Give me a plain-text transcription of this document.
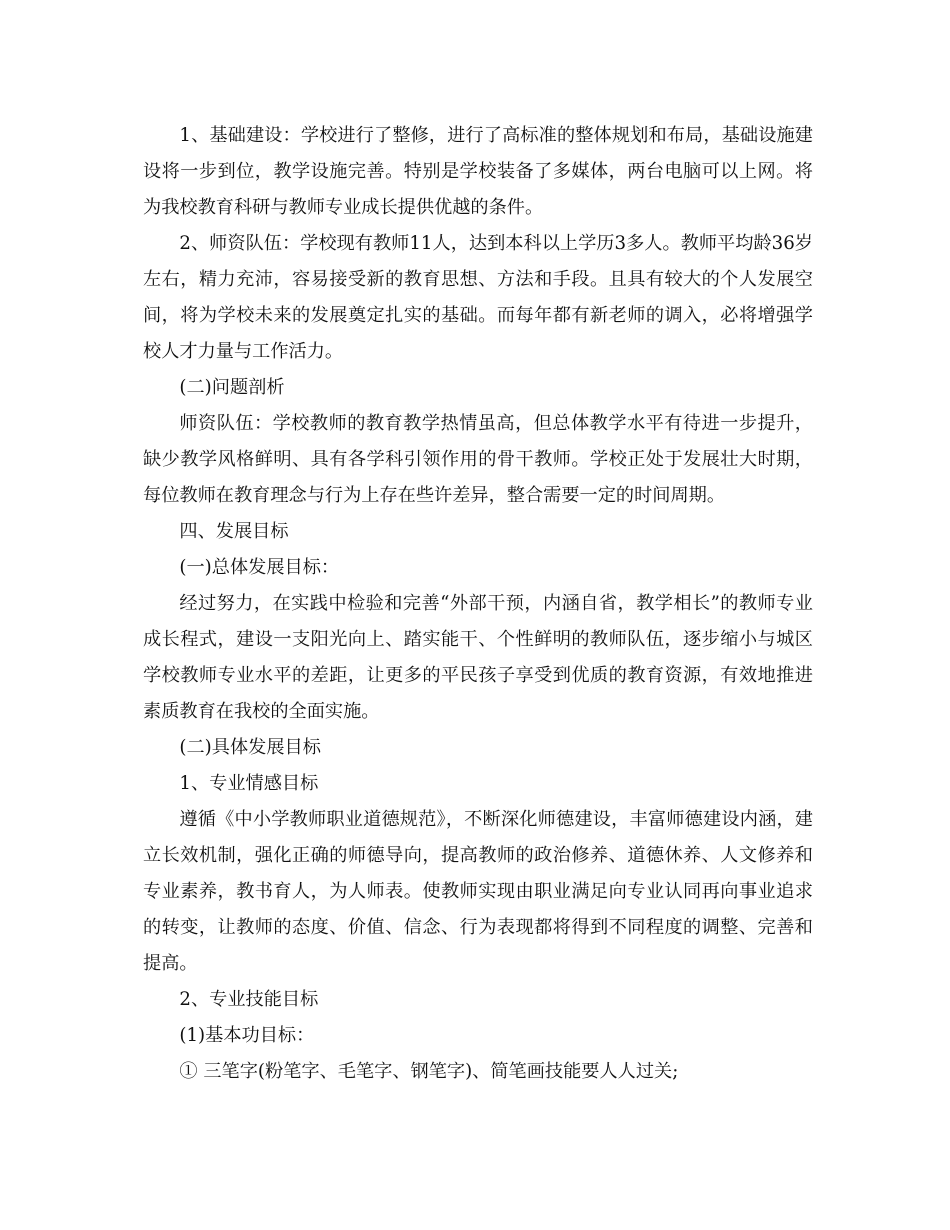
1、基础建设：学校进行了整修，进行了高标准的整体规划和布局，基础设施建设将一步到位，教学设施完善。特别是学校装备了多媒体，两台电脑可以上网。将为我校教育科研与教师专业成长提供优越的条件。

2、师资队伍：学校现有教师11人，达到本科以上学历3多人。教师平均龄36岁左右，精力充沛，容易接受新的教育思想、方法和手段。且具有较大的个人发展空间，将为学校未来的发展奠定扎实的基础。而每年都有新老师的调入，必将增强学校人才力量与工作活力。

(二)问题剖析

师资队伍：学校教师的教育教学热情虽高，但总体教学水平有待进一步提升，缺少教学风格鲜明、具有各学科引领作用的骨干教师。学校正处于发展壮大时期，每位教师在教育理念与行为上存在些许差异，整合需要一定的时间周期。

四、发展目标

(一)总体发展目标：

经过努力，在实践中检验和完善“外部干预，内涵自省，教学相长”的教师专业成长程式，建设一支阳光向上、踏实能干、个性鲜明的教师队伍，逐步缩小与城区学校教师专业水平的差距，让更多的平民孩子享受到优质的教育资源，有效地推进素质教育在我校的全面实施。

(二)具体发展目标

1、专业情感目标

遵循《中小学教师职业道德规范》，不断深化师德建设，丰富师德建设内涵，建立长效机制，强化正确的师德导向，提高教师的政治修养、道德休养、人文修养和专业素养，教书育人，为人师表。使教师实现由职业满足向专业认同再向事业追求的转变，让教师的态度、价值、信念、行为表现都将得到不同程度的调整、完善和提高。

2、专业技能目标

(1)基本功目标：

① 三笔字(粉笔字、毛笔字、钢笔字)、简笔画技能要人人过关;
